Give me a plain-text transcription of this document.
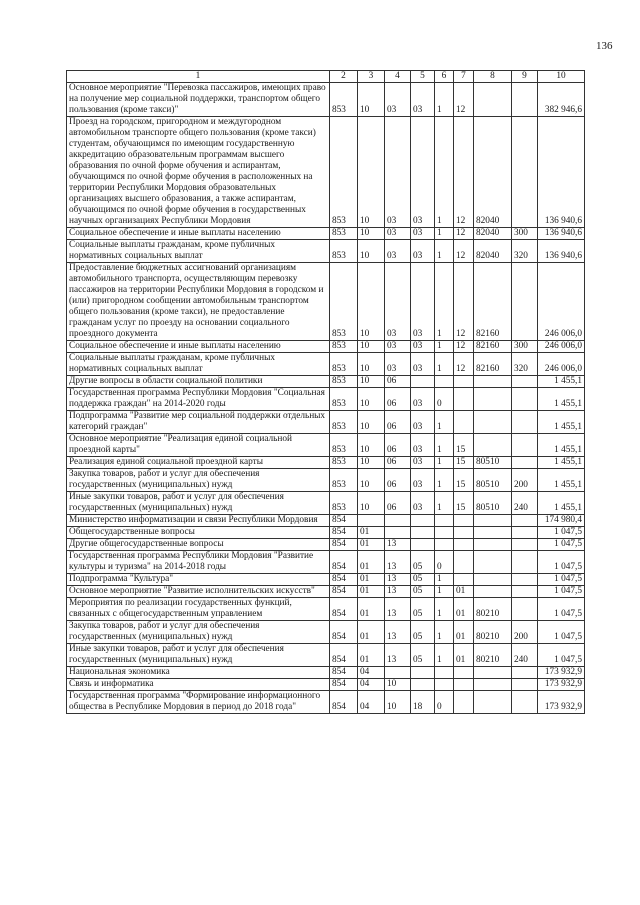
136
1	2	3	4	5	6	7	8	9	10
Основное мероприятие "Перевозка пассажиров, имеющих право на получение мер социальной поддержки, транспортом общего пользования (кроме такси)"	853	10	03	03	1	12			382 946,6
Проезд на городском, пригородном и междугородном автомобильном транспорте общего пользования (кроме такси) студентам, обучающимся по имеющим государственную аккредитацию образовательным программам высшего образования по очной форме обучения и аспирантам, обучающимся по очной форме обучения в расположенных на территории Республики Мордовия образовательных организациях высшего образования, а также аспирантам, обучающимся по очной форме обучения в государственных научных организациях Республики Мордовия	853	10	03	03	1	12	82040		136 940,6
Социальное обеспечение и иные выплаты населению	853	10	03	03	1	12	82040	300	136 940,6
Социальные выплаты гражданам, кроме публичных нормативных социальных выплат	853	10	03	03	1	12	82040	320	136 940,6
Предоставление бюджетных ассигнований организациям автомобильного транспорта, осуществляющим перевозку пассажиров на территории Республики Мордовия в городском и (или) пригородном сообщении автомобильным транспортом общего пользования (кроме такси), не предоставление гражданам услуг по проезду на основании социального проездного документа	853	10	03	03	1	12	82160		246 006,0
Социальное обеспечение и иные выплаты населению	853	10	03	03	1	12	82160	300	246 006,0
Социальные выплаты гражданам, кроме публичных нормативных социальных выплат	853	10	03	03	1	12	82160	320	246 006,0
Другие вопросы в области социальной политики	853	10	06						1 455,1
Государственная программа Республики Мордовия "Социальная поддержка граждан" на 2014-2020 годы	853	10	06	03	0				1 455,1
Подпрограмма "Развитие мер социальной поддержки отдельных категорий граждан"	853	10	06	03	1				1 455,1
Основное мероприятие "Реализация единой социальной проездной карты"	853	10	06	03	1	15			1 455,1
Реализация единой социальной проездной карты	853	10	06	03	1	15	80510		1 455,1
Закупка товаров, работ и услуг для обеспечения государственных (муниципальных) нужд	853	10	06	03	1	15	80510	200	1 455,1
Иные закупки товаров, работ и услуг для обеспечения государственных (муниципальных) нужд	853	10	06	03	1	15	80510	240	1 455,1
Министерство информатизации и связи Республики Мордовия	854								174 980,4
Общегосударственные вопросы	854	01							1 047,5
Другие общегосударственные вопросы	854	01	13						1 047,5
Государственная программа Республики Мордовия "Развитие культуры и туризма" на 2014-2018 годы	854	01	13	05	0				1 047,5
Подпрограмма "Культура"	854	01	13	05	1				1 047,5
Основное мероприятие "Развитие исполнительских искусств"	854	01	13	05	1	01			1 047,5
Мероприятия по реализации государственных функций, связанных с общегосударственным управлением	854	01	13	05	1	01	80210		1 047,5
Закупка товаров, работ и услуг для обеспечения государственных (муниципальных) нужд	854	01	13	05	1	01	80210	200	1 047,5
Иные закупки товаров, работ и услуг для обеспечения государственных (муниципальных) нужд	854	01	13	05	1	01	80210	240	1 047,5
Национальная экономика	854	04							173 932,9
Связь и информатика	854	04	10						173 932,9
Государственная программа "Формирование информационного общества в Республике Мордовия в период до 2018 года"	854	04	10	18	0				173 932,9
